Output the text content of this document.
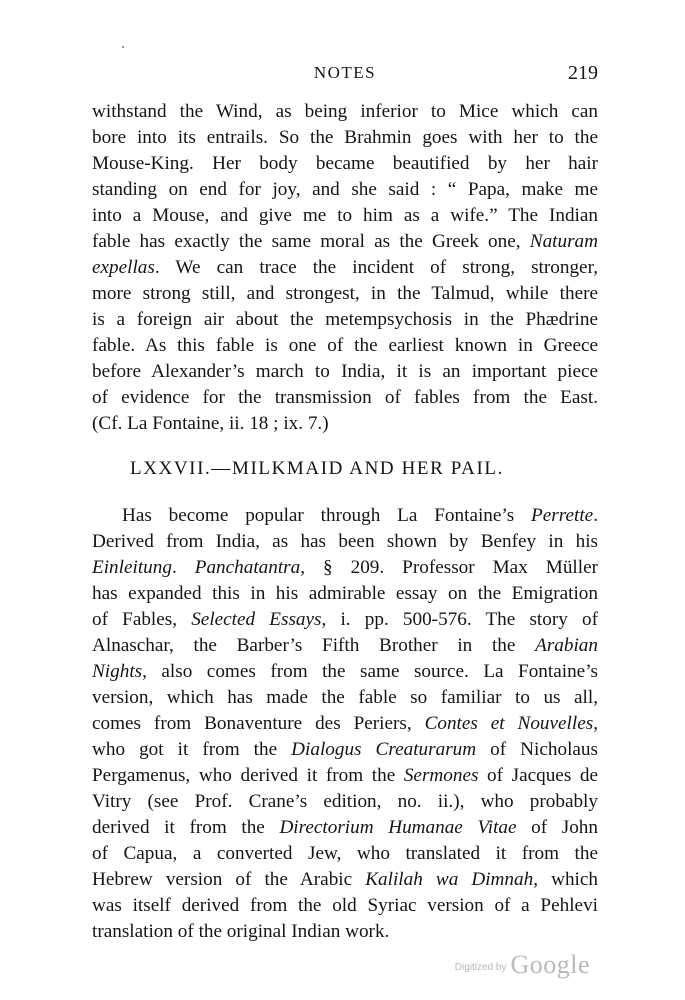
NOTES	219
withstand the Wind, as being inferior to Mice which can
bore into its entrails. So the Brahmin goes with her to the
Mouse-King. Her body became beautified by her hair
standing on end for joy, and she said : “ Papa, make me
into a Mouse, and give me to him as a wife.” The Indian
fable has exactly the same moral as the Greek one, Naturam
expellas. We can trace the incident of strong, stronger,
more strong still, and strongest, in the Talmud, while there
is a foreign air about the metempsychosis in the Phædrine
fable. As this fable is one of the earliest known in Greece
before Alexander’s march to India, it is an important piece
of evidence for the transmission of fables from the East.
(Cf. La Fontaine, ii. 18 ; ix. 7.)
LXXVII.—MILKMAID AND HER PAIL.
Has become popular through La Fontaine’s Perrette.
Derived from India, as has been shown by Benfey in his
Einleitung. Panchatantra, § 209. Professor Max Müller
has expanded this in his admirable essay on the Emigration
of Fables, Selected Essays, i. pp. 500-576. The story of
Alnaschar, the Barber’s Fifth Brother in the Arabian
Nights, also comes from the same source. La Fontaine’s
version, which has made the fable so familiar to us all,
comes from Bonaventure des Periers, Contes et Nouvelles,
who got it from the Dialogus Creaturarum of Nicholaus
Pergamenus, who derived it from the Sermones of Jacques de
Vitry (see Prof. Crane’s edition, no. ii.), who probably
derived it from the Directorium Humanae Vitae of John
of Capua, a converted Jew, who translated it from the
Hebrew version of the Arabic Kalilah wa Dimnah, which
was itself derived from the old Syriac version of a Pehlevi
translation of the original Indian work.
Digitized by Google
